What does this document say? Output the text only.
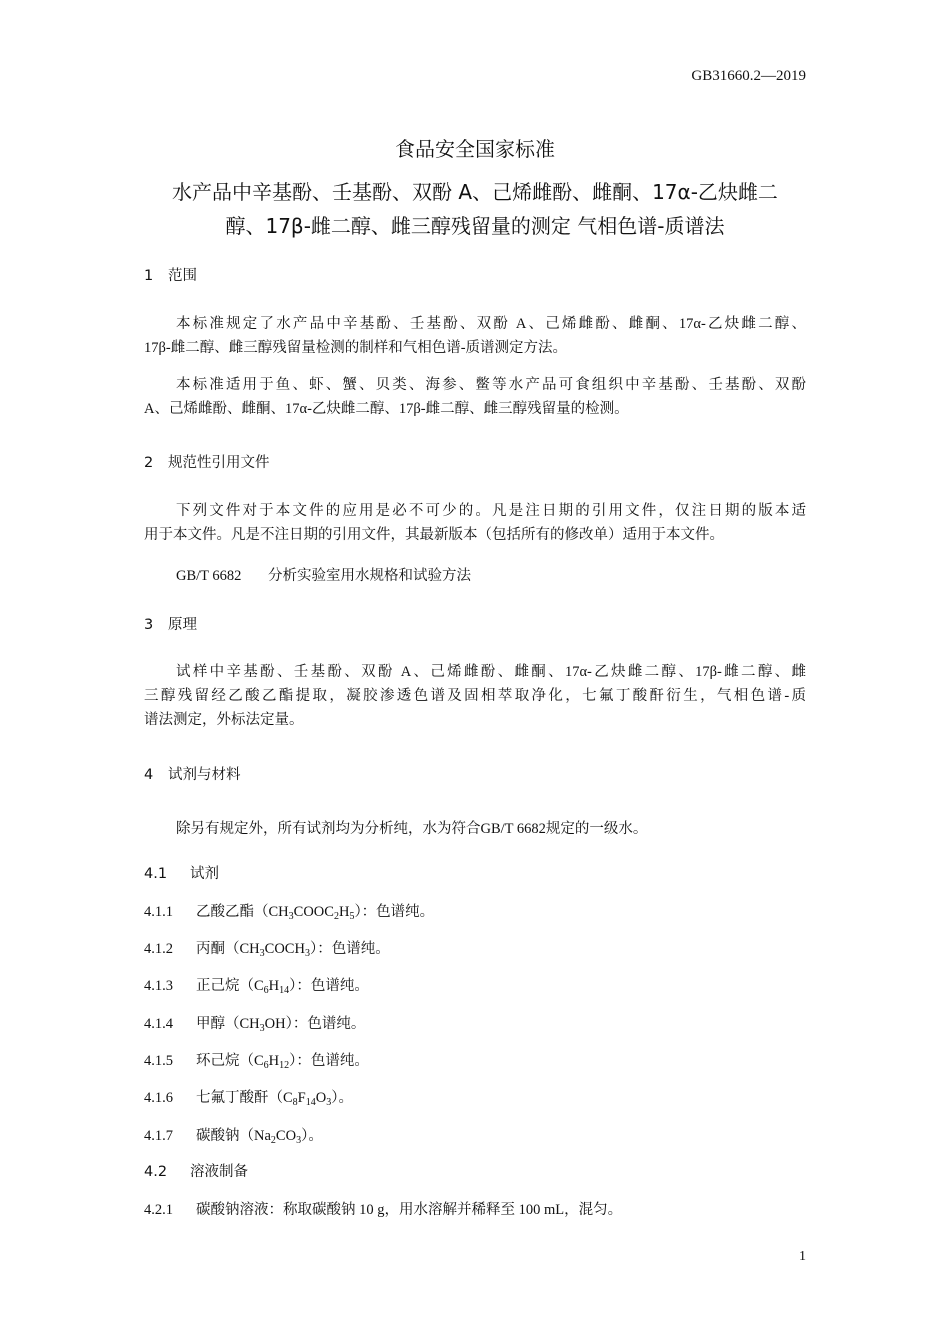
GB31660.2—2019
食品安全国家标准
水产品中辛基酚、壬基酚、双酚 A、己烯雌酚、雌酮、17α-乙炔雌二
醇、17β-雌二醇、雌三醇残留量的测定 气相色谱-质谱法
1 范围
本标准规定了水产品中辛基酚、壬基酚、双酚 A、己烯雌酚、雌酮、17α-乙炔雌二醇、
17β-雌二醇、雌三醇残留量检测的制样和气相色谱-质谱测定方法。
本标准适用于鱼、虾、蟹、贝类、海参、鳖等水产品可食组织中辛基酚、壬基酚、双酚
A、己烯雌酚、雌酮、17α-乙炔雌二醇、17β-雌二醇、雌三醇残留量的检测。
2 规范性引用文件
下列文件对于本文件的应用是必不可少的。凡是注日期的引用文件，仅注日期的版本适
用于本文件。凡是不注日期的引用文件，其最新版本（包括所有的修改单）适用于本文件。
GB/T 6682 分析实验室用水规格和试验方法
3 原理
试样中辛基酚、壬基酚、双酚 A、己烯雌酚、雌酮、17α-乙炔雌二醇、17β-雌二醇、雌
三醇残留经乙酸乙酯提取，凝胶渗透色谱及固相萃取净化，七氟丁酸酐衍生，气相色谱-质
谱法测定，外标法定量。
4 试剂与材料
除另有规定外，所有试剂均为分析纯，水为符合GB/T 6682规定的一级水。
4.1 试剂
4.1.1 乙酸乙酯$(CH_3COOC_2H_5)$：色谱纯。
4.1.2 丙酮$(CH_3COCH_3)$：色谱纯。
4.1.3 正己烷$(C_6H_{14})$：色谱纯。
4.1.4 甲醇$(CH_3OH)$：色谱纯。
4.1.5 环己烷$(C_6H_{12})$：色谱纯。
4.1.6 七氟丁酸酐$(C_8F_{14}O_3)$。
4.1.7 碳酸钠$(Na_2CO_3)$。
4.2 溶液制备
4.2.1 碳酸钠溶液：称取碳酸钠 10 g，用水溶解并稀释至 100 mL，混匀。
1
